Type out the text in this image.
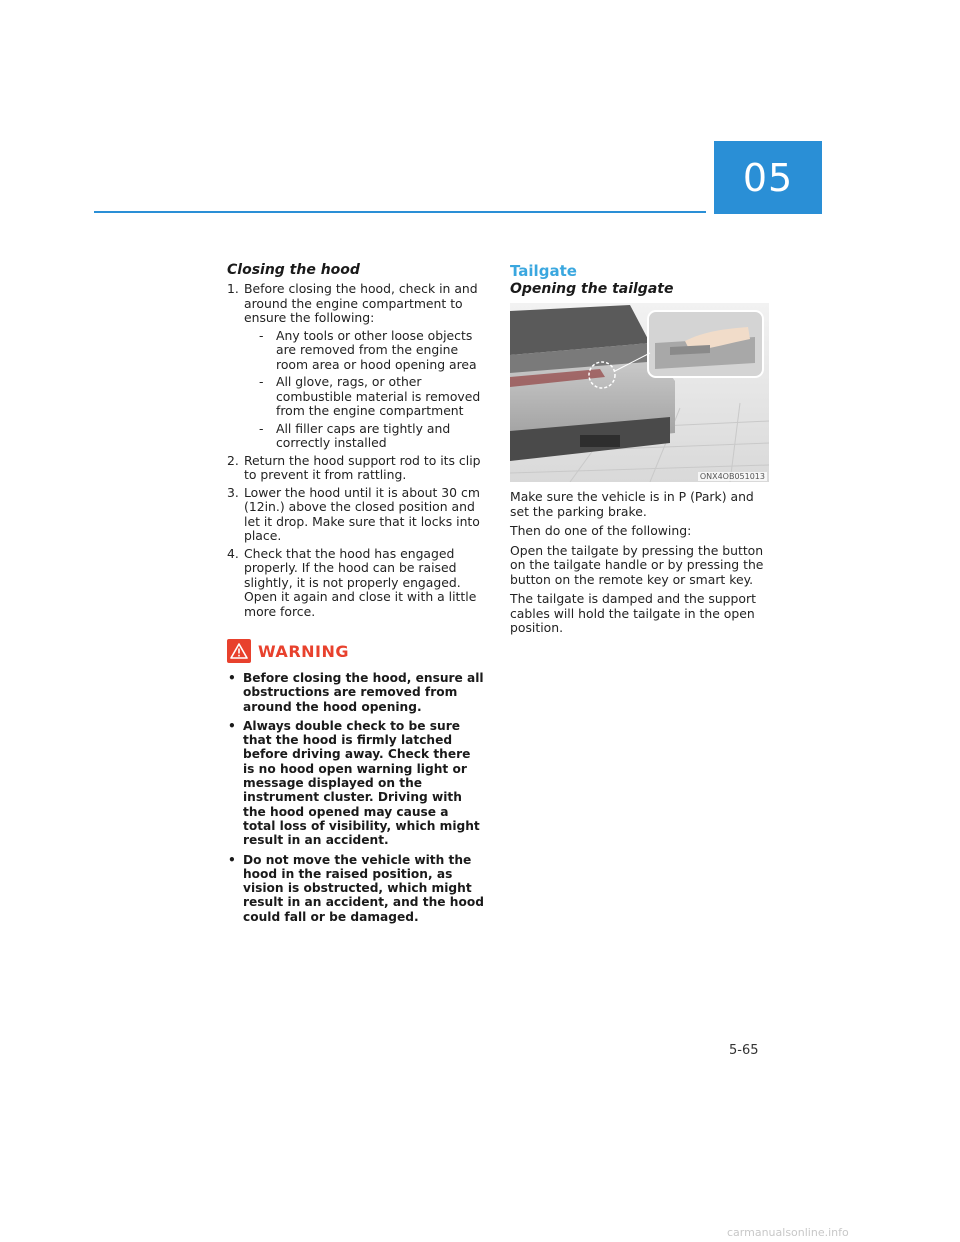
05
Closing the hood
1. Before closing the hood, check in and around the engine compartment to ensure the following:
- Any tools or other loose objects are removed from the engine room area or hood opening area
- All glove, rags, or other combustible material is removed from the engine compartment
- All filler caps are tightly and correctly installed
2. Return the hood support rod to its clip to prevent it from rattling.
3. Lower the hood until it is about 30 cm (12in.) above the closed position and let it drop. Make sure that it locks into place.
4. Check that the hood has engaged properly. If the hood can be raised slightly, it is not properly engaged. Open it again and close it with a little more force.
WARNING
• Before closing the hood, ensure all obstructions are removed from around the hood opening.
• Always double check to be sure that the hood is firmly latched before driving away. Check there is no hood open warning light or message displayed on the instrument cluster. Driving with the hood opened may cause a total loss of visibility, which might result in an accident.
• Do not move the vehicle with the hood in the raised position, as vision is obstructed, which might result in an accident, and the hood could fall or be damaged.
Tailgate
Opening the tailgate
ONX4OB051013

Make sure the vehicle is in P (Park) and set the parking brake.

Then do one of the following:

Open the tailgate by pressing the button on the tailgate handle or by pressing the button on the remote key or smart key.

The tailgate is damped and the support cables will hold the tailgate in the open position.

5-65
carmanualsonline.info
